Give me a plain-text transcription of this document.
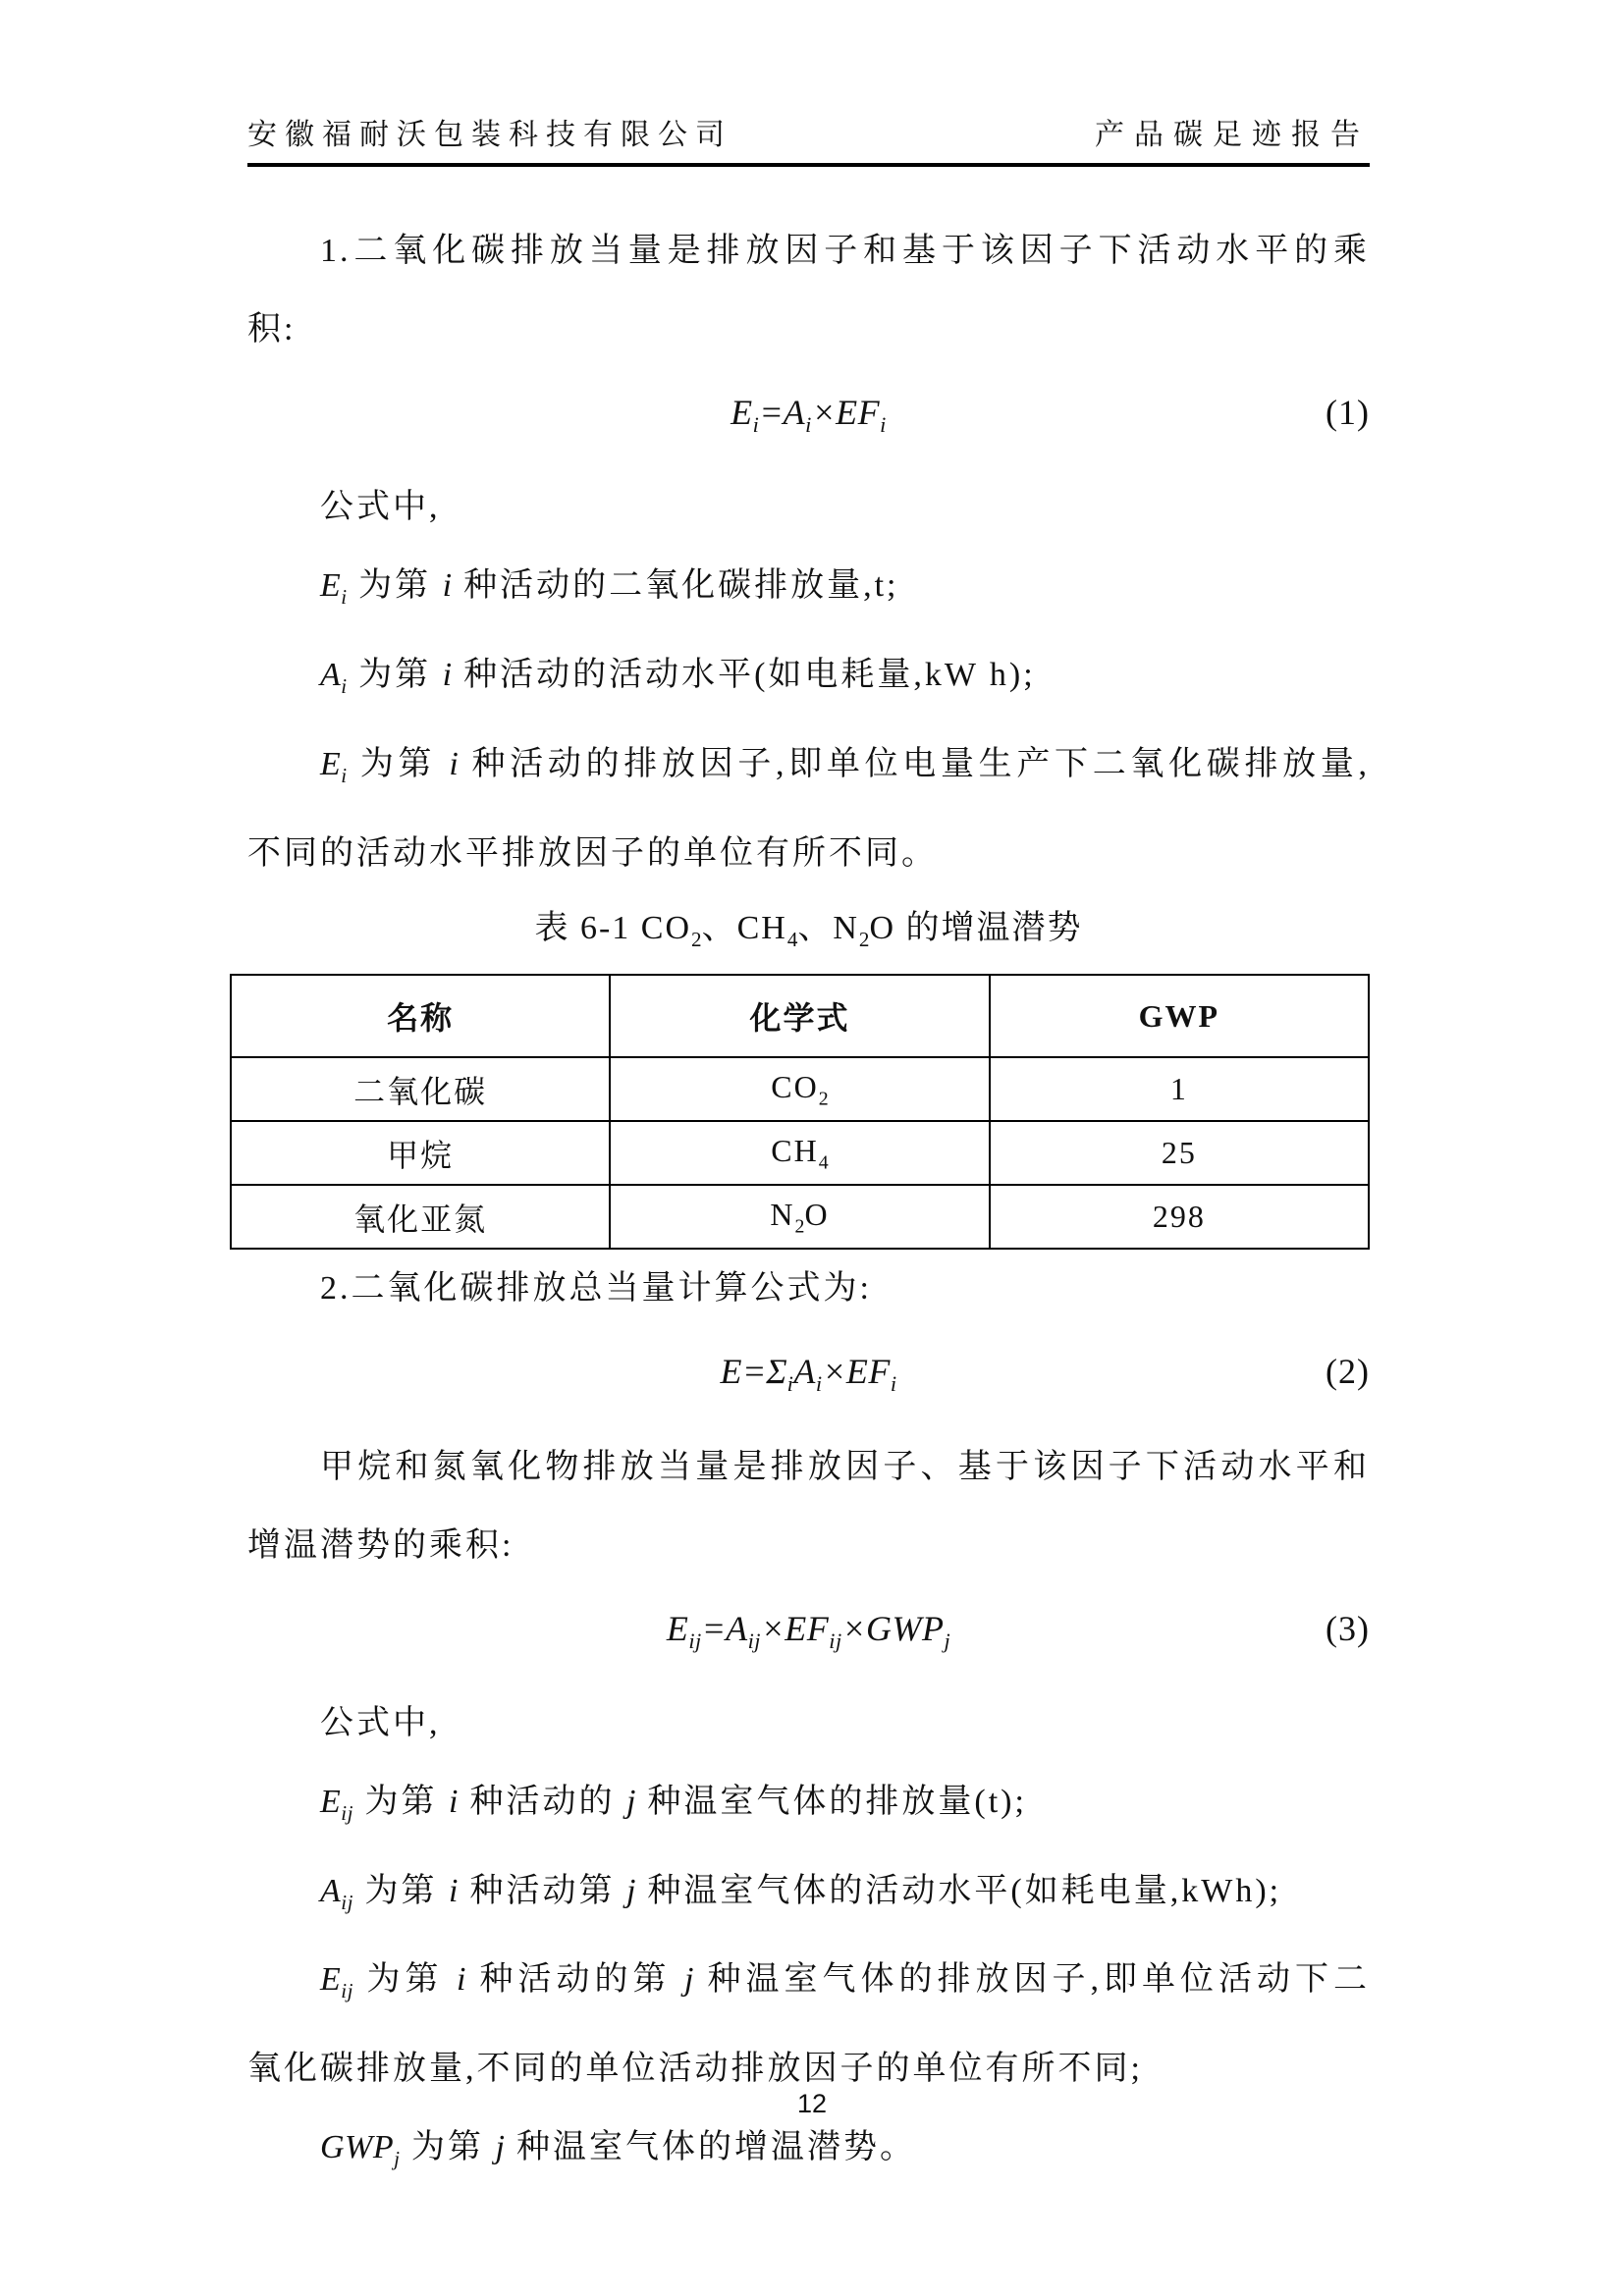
安徽福耐沃包装科技有限公司	产品碳足迹报告
1.二氧化碳排放当量是排放因子和基于该因子下活动水平的乘
积:
$E_i=A_i\times EF_i$	(1)
公式中,
$E_i$ 为第 i 种活动的二氧化碳排放量,t;
$A_i$ 为第 i 种活动的活动水平(如电耗量,kW h);
$E_i$ 为第 i 种活动的排放因子,即单位电量生产下二氧化碳排放量,
不同的活动水平排放因子的单位有所不同。
表 6-1 $CO_2$、$CH_4$、$N_2O$ 的增温潜势
名称	化学式	GWP
二氧化碳	$CO_2$	1
甲烷	$CH_4$	25
氧化亚氮	$N_2O$	298
2.二氧化碳排放总当量计算公式为:
$E=\Sigma_iA_i\times EF_i$	(2)
甲烷和氮氧化物排放当量是排放因子、基于该因子下活动水平和
增温潜势的乘积:
$E_{ij}=A_{ij}\times EF_{ij}\times GWP_j$	(3)
公式中,
$E_{ij}$ 为第 i 种活动的 j 种温室气体的排放量(t);
$A_{ij}$ 为第 i 种活动第 j 种温室气体的活动水平(如耗电量,kWh);
$E_{ij}$ 为第 i 种活动的第 j 种温室气体的排放因子,即单位活动下二
氧化碳排放量,不同的单位活动排放因子的单位有所不同;
$GWP_j$ 为第 j 种温室气体的增温潜势。
12
